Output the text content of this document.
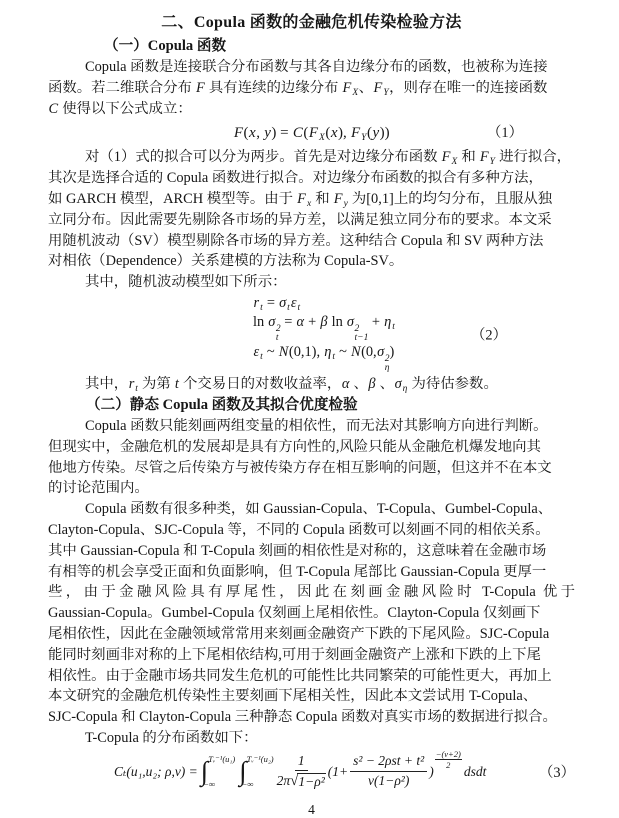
二、Copula 函数的金融危机传染检验方法
（一）Copula 函数
Copula 函数是连接联合分布函数与其各自边缘分布的函数，也被称为连接
函数。若二维联合分布 F 具有连续的边缘分布 $F_X$、$F_Y$，则存在唯一的连接函数
C 使得以下公式成立：
F(x, $y) = C(F_X(x)$, $F_Y(y)$)	（1）
对（1）式的拟合可以分为两步。首先是对边缘分布函数 $F_X$ 和 $F_Y$ 进行拟合，
其次是选择合适的 Copula 函数进行拟合。对边缘分布函数的拟合有多种方法，
如 GARCH 模型，ARCH 模型等。由于 $F_x$ 和 $F_y$ 为[0,1]上的均匀分布，且服从独
立同分布。因此需要先剔除各市场的异方差，以满足独立同分布的要求。本文采
用随机波动（SV）模型剔除各市场的异方差。这种结合 Copula 和 SV 两种方法
对相依（Dependence）关系建模的方法称为 Copula-SV。
其中，随机波动模型如下所示：
$r_t = \sigma_t\varepsilon_t$
ln σ 2
t
= α + β ln σ 2
t−1
+ $\eta_t$
$\varepsilon_t$ ~ N(0,1), $\eta_t$ ~ N(0,σ 2
η
)
（2）
其中，$r_t$ 为第 t 个交易日的对数收益率，α 、β 、$\sigma_\eta$ 为待估参数。
（二）静态 Copula 函数及其拟合优度检验
Copula 函数只能刻画两组变量的相依性，而无法对其影响方向进行判断。
但现实中，金融危机的发展却是具有方向性的,风险只能从金融危机爆发地向其
他地方传染。尽管之后传染方与被传染方存在相互影响的问题，但这并不在本文
的讨论范围内。
Copula 函数有很多种类，如 Gaussian-Copula、T-Copula、Gumbel-Copula、
Clayton-Copula、SJC-Copula 等，不同的 Copula 函数可以刻画不同的相依关系。
其中 Gaussian-Copula 和 T-Copula 刻画的相依性是对称的，这意味着在金融市场
有相等的机会享受正面和负面影响，但 T-Copula 尾部比 Gaussian-Copula 更厚一
些，由于金融风险具有厚尾性，因此在刻画金融风险时 T-Copula 优于
Gaussian-Copula。Gumbel-Copula 仅刻画上尾相依性。Clayton-Copula 仅刻画下
尾相依性，因此在金融领域常常用来刻画金融资产下跌的下尾风险。SJC-Copula
能同时刻画非对称的上下尾相依结构,可用于刻画金融资产上涨和下跌的上下尾
相依性。由于金融市场共同发生危机的可能性比共同繁荣的可能性更大，再加上
本文研究的金融危机传染性主要刻画下尾相关性，因此本文尝试用 T-Copula、
SJC-Copula 和 Clayton-Copula 三种静态 Copula 函数对真实市场的数据进行拟合。
T-Copula 的分布函数如下：
Cₜ(u₁,u₂; ρ,v) = ∫ Tᵥ⁻¹(u₁)
−∞ ∫ Tᵥ⁻¹(u₂)
−∞	$\frac{1}{\text{2π √ 1−ρ²}} (1+ \frac{\text{s² − 2ρst + t²}}{\text{v(1−ρ²)}}$ )
$\frac{-(v+2)}{2}$
dsdt	（3）
4
